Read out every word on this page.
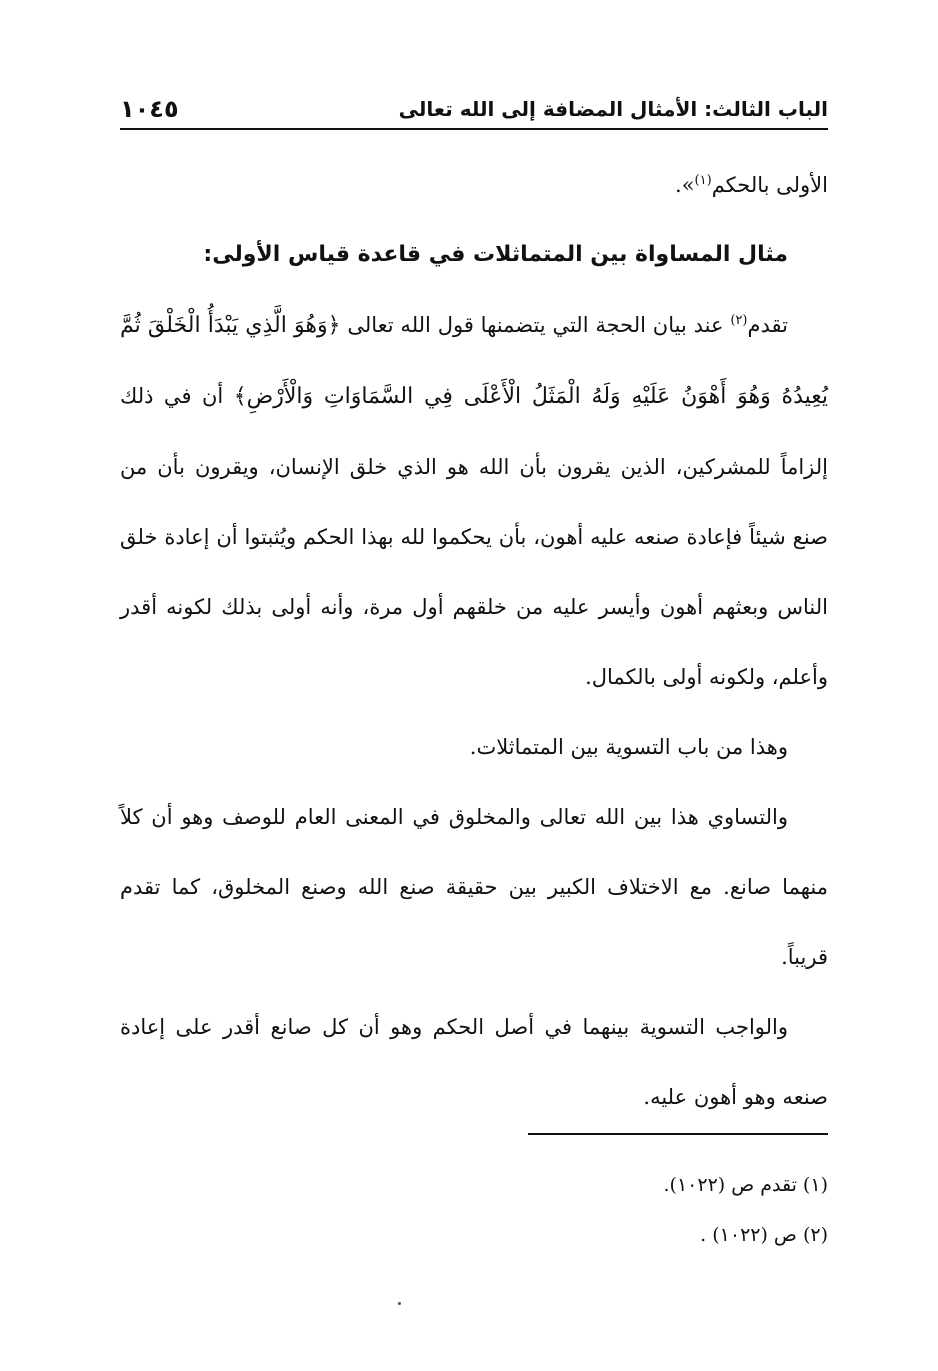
الباب الثالث: الأمثال المضافة إلى الله تعالى
١٠٤٥

الأولى بالحكم$^{(١)}$».

مثال المساواة بين المتماثلات في قاعدة قياس الأولى:

تقدم$^{(٢)}$ عند بيان الحجة التي يتضمنها قول الله تعالى ﴿وَهُوَ الَّذِي يَبْدَأُ الْخَلْقَ ثُمَّ يُعِيدُهُ وَهُوَ أَهْوَنُ عَلَيْهِ وَلَهُ الْمَثَلُ الْأَعْلَى فِي السَّمَاوَاتِ وَالْأَرْضِ﴾ أن في ذلك إلزاماً للمشركين، الذين يقرون بأن الله هو الذي خلق الإنسان، ويقرون بأن من صنع شيئاً فإعادة صنعه عليه أهون، بأن يحكموا لله بهذا الحكم ويُثبتوا أن إعادة خلق الناس وبعثهم أهون وأيسر عليه من خلقهم أول مرة، وأنه أولى بذلك لكونه أقدر وأعلم، ولكونه أولى بالكمال.

وهذا من باب التسوية بين المتماثلات.

والتساوي هذا بين الله تعالى والمخلوق في المعنى العام للوصف وهو أن كلاً منهما صانع. مع الاختلاف الكبير بين حقيقة صنع الله وصنع المخلوق، كما تقدم قريباً.

والواجب التسوية بينهما في أصل الحكم وهو أن كل صانع أقدر على إعادة صنعه وهو أهون عليه.

(١) تقدم ص (١٠٢٢).

(٢) ص (١٠٢٢) .
